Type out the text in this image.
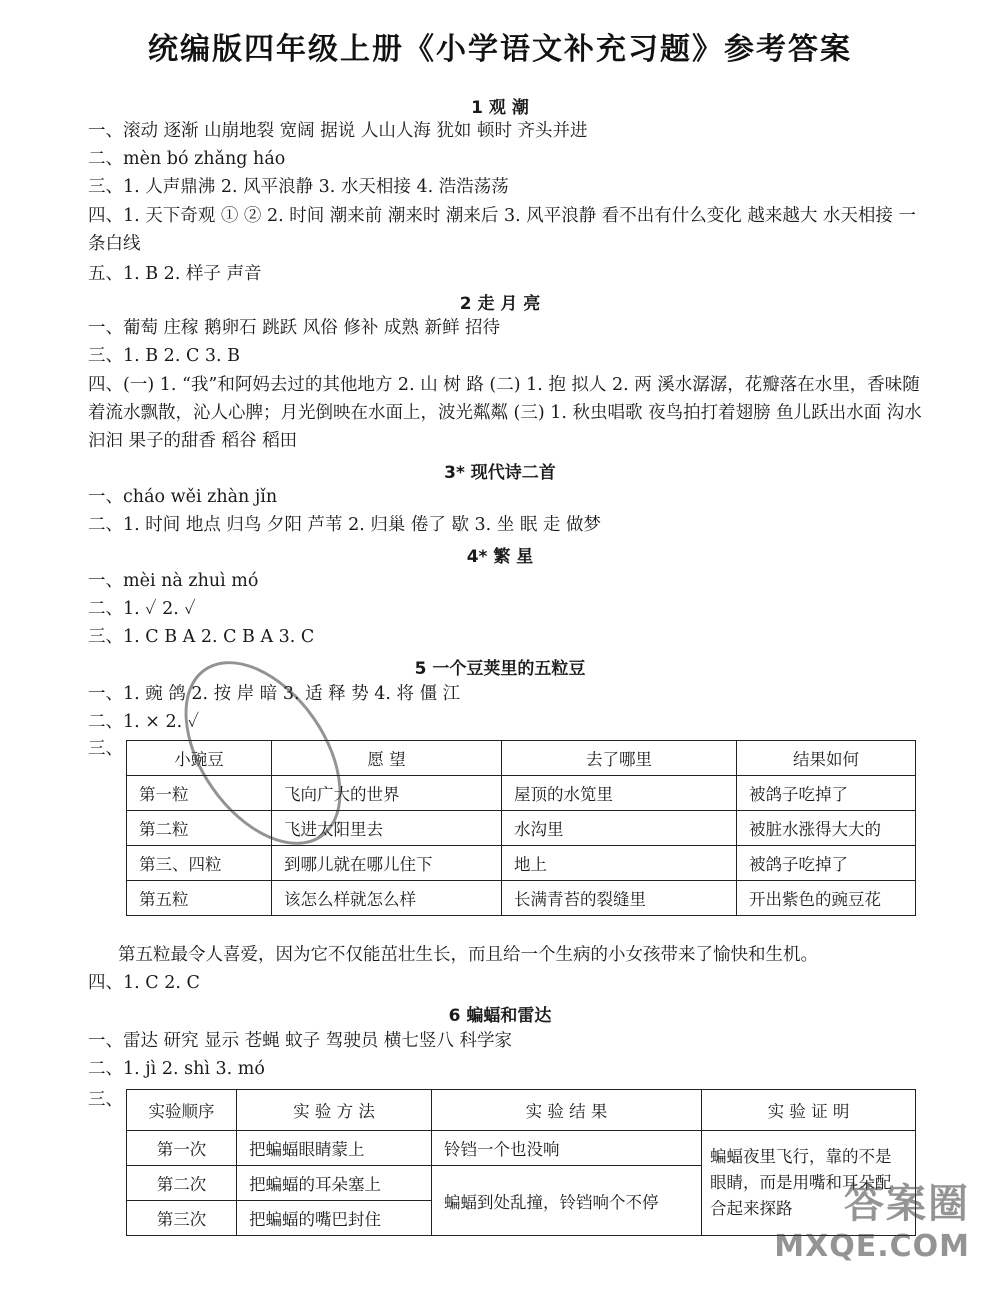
统编版四年级上册《小学语文补充习题》参考答案
1 观 潮
一、滚动 逐渐 山崩地裂 宽阔 据说 人山人海 犹如 顿时 齐头并进
二、mèn bó zhǎng háo
三、1. 人声鼎沸 2. 风平浪静 3. 水天相接 4. 浩浩荡荡
四、1. 天下奇观 ① ② 2. 时间 潮来前 潮来时 潮来后 3. 风平浪静 看不出有什么变化 越来越大 水天相接 一条白线
五、1. B 2. 样子 声音
2 走 月 亮
一、葡萄 庄稼 鹅卵石 跳跃 风俗 修补 成熟 新鲜 招待
三、1. B 2. C 3. B
四、(一) 1. “我”和阿妈去过的其他地方 2. 山 树 路 (二) 1. 抱 拟人 2. 两 溪水潺潺，花瓣落在水里，香味随着流水飘散，沁人心脾；月光倒映在水面上，波光粼粼 (三) 1. 秋虫唱歌 夜鸟拍打着翅膀 鱼儿跃出水面 沟水汩汩 果子的甜香 稻谷 稻田
3* 现代诗二首
一、cháo wěi zhàn jǐn
二、1. 时间 地点 归鸟 夕阳 芦苇 2. 归巢 倦了 歇 3. 坐 眠 走 做梦
4* 繁 星
一、mèi nà zhuì mó
二、1. ✓ 2. ✓
三、1. C B A 2. C B A 3. C
5 一个豆荚里的五粒豆
一、1. 豌 鸽 2. 按 岸 暗 3. 适 释 势 4. 将 僵 江
二、1. × 2. ✓
三、
小豌豆	愿 望	去了哪里	结果如何
第一粒	飞向广大的世界	屋顶的水笕里	被鸽子吃掉了
第二粒	飞进太阳里去	水沟里	被脏水涨得大大的
第三、四粒	到哪儿就在哪儿住下	地上	被鸽子吃掉了
第五粒	该怎么样就怎么样	长满青苔的裂缝里	开出紫色的豌豆花
第五粒最令人喜爱，因为它不仅能茁壮生长，而且给一个生病的小女孩带来了愉快和生机。
四、1. C 2. C
6 蝙蝠和雷达
一、雷达 研究 显示 苍蝇 蚊子 驾驶员 横七竖八 科学家
二、1. jì 2. shì 3. mó
三、
实验顺序	实 验 方 法	实 验 结 果	实 验 证 明
第一次	把蝙蝠眼睛蒙上	铃铛一个也没响	蝙蝠夜里飞行，靠的不是眼睛，而是用嘴和耳朵配合起来探路
第二次	把蝙蝠的耳朵塞上	蝙蝠到处乱撞，铃铛响个不停	
第三次	把蝙蝠的嘴巴封住			答案圈
MXQE.COM
